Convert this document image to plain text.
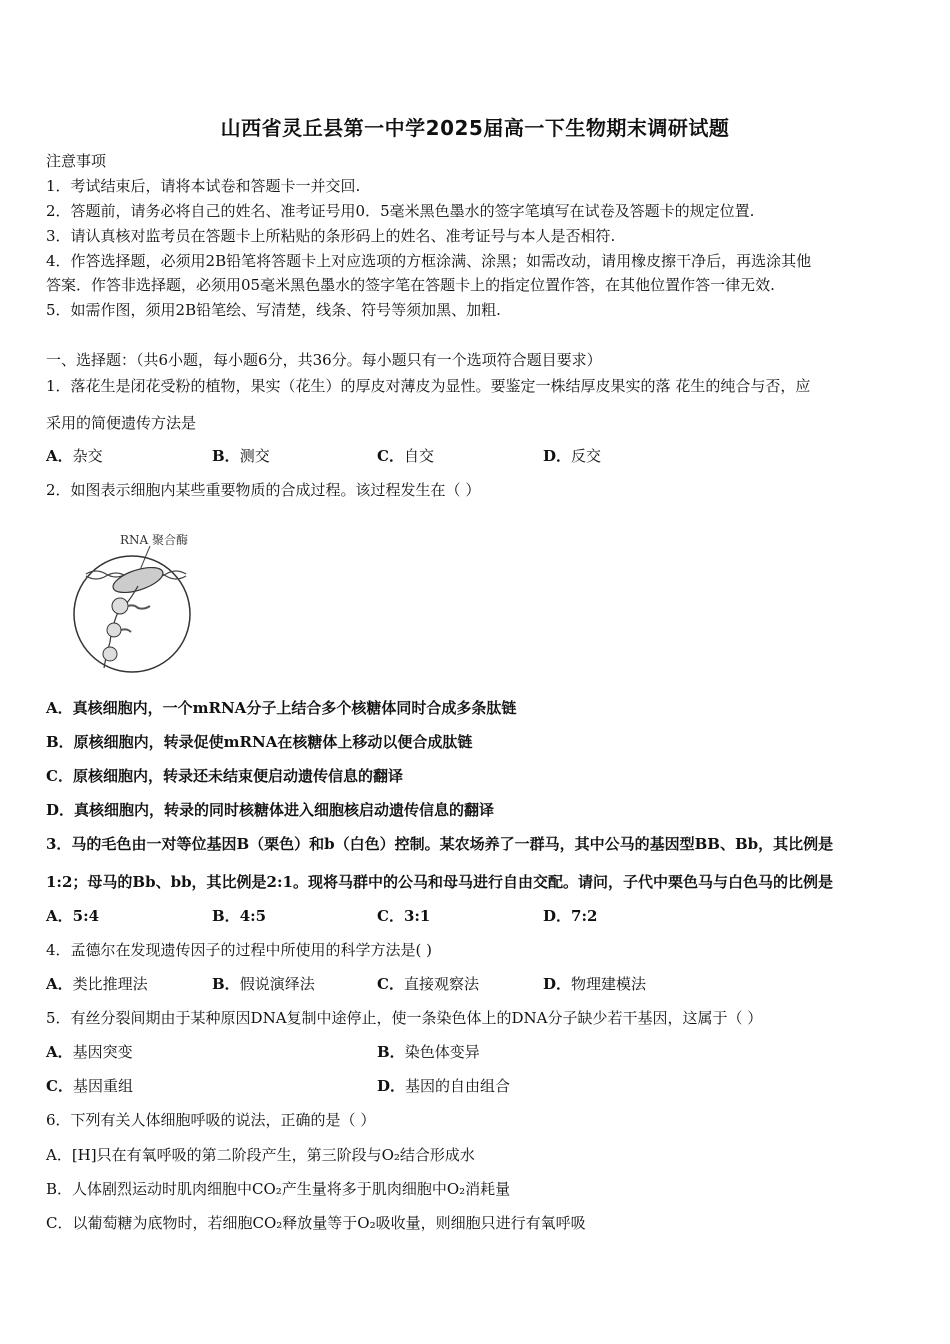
山西省灵丘县第一中学2025届高一下生物期末调研试题
注意事项
1．考试结束后，请将本试卷和答题卡一并交回.
2．答题前，请务必将自己的姓名、准考证号用0．5毫米黑色墨水的签字笔填写在试卷及答题卡的规定位置.
3．请认真核对监考员在答题卡上所粘贴的条形码上的姓名、准考证号与本人是否相符.
4．作答选择题，必须用2B铅笔将答题卡上对应选项的方框涂满、涂黑；如需改动，请用橡皮擦干净后，再选涂其他
答案．作答非选择题，必须用05毫米黑色墨水的签字笔在答题卡上的指定位置作答，在其他位置作答一律无效.
5．如需作图，须用2B铅笔绘、写清楚，线条、符号等须加黑、加粗.
一、选择题：（共6小题，每小题6分，共36分。每小题只有一个选项符合题目要求）
1．落花生是闭花受粉的植物，果实（花生）的厚皮对薄皮为显性。要鉴定一株结厚皮果实的落 花生的纯合与否，应
采用的简便遗传方法是
A．杂交	B．测交	C．自交	D．反交
2．如图表示细胞内某些重要物质的合成过程。该过程发生在（ ）
RNA 聚合酶
A．真核细胞内，一个mRNA分子上结合多个核糖体同时合成多条肽链
B．原核细胞内，转录促使mRNA在核糖体上移动以便合成肽链
C．原核细胞内，转录还未结束便启动遗传信息的翻译
D．真核细胞内，转录的同时核糖体进入细胞核启动遗传信息的翻译
3．马的毛色由一对等位基因B（栗色）和b（白色）控制。某农场养了一群马，其中公马的基因型BB、Bb，其比例是
1:2；母马的Bb、bb，其比例是2:1。现将马群中的公马和母马进行自由交配。请问，子代中栗色马与白色马的比例是
A．5:4	B．4:5	C．3:1	D．7:2
4．孟德尔在发现遗传因子的过程中所使用的科学方法是( )
A．类比推理法	B．假说演绎法	C．直接观察法	D．物理建模法
5．有丝分裂间期由于某种原因DNA复制中途停止，使一条染色体上的DNA分子缺少若干基因，这属于（ ）
A．基因突变	B．染色体变异
C．基因重组	D．基因的自由组合
6．下列有关人体细胞呼吸的说法，正确的是（ ）
A．[H]只在有氧呼吸的第二阶段产生，第三阶段与O₂结合形成水
B．人体剧烈运动时肌肉细胞中CO₂产生量将多于肌肉细胞中O₂消耗量
C．以葡萄糖为底物时，若细胞CO₂释放量等于O₂吸收量，则细胞只进行有氧呼吸
